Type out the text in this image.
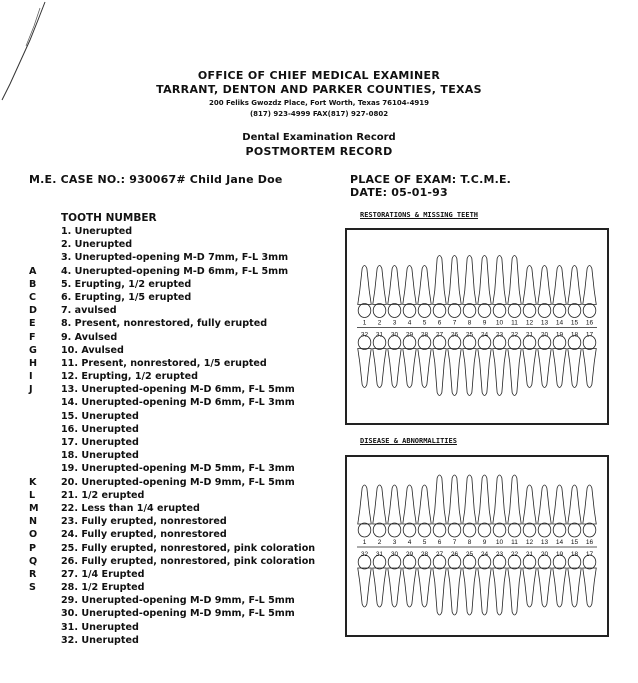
OFFICE OF CHIEF MEDICAL EXAMINER
TARRANT, DENTON AND PARKER COUNTIES, TEXAS
200 Feliks Gwozdz Place, Fort Worth, Texas 76104-4919
(817) 923-4999 FAX(817) 927-0802
Dental Examination Record
POSTMORTEM RECORD
M.E. CASE NO.: 930067# Child Jane Doe	PLACE OF EXAM: T.C.M.E.
DATE: 05-01-93
TOOTH NUMBER
1. Unerupted
2. Unerupted
3. Unerupted-opening M-D 7mm, F-L 3mm
A	4. Unerupted-opening M-D 6mm, F-L 5mm
B	5. Erupting, 1/2 erupted
C	6. Erupting, 1/5 erupted
D	7. avulsed
E	8. Present, nonrestored, fully erupted
F	9. Avulsed
G	10. Avulsed
H 11. Present, nonrestored, 1/5 erupted
I	12. Erupting, 1/2 erupted
J	13. Unerupted-opening M-D 6mm, F-L 5mm
14. Unerupted-opening M-D 6mm, F-L 3mm
15. Unerupted
16. Unerupted
17. Unerupted
18. Unerupted
19. Unerupted-opening M-D 5mm, F-L 3mm
K	20. Unerupted-opening M-D 9mm, F-L 5mm
L	21. 1/2 erupted
M 22. Less than 1/4 erupted
N 23. Fully erupted, nonrestored
O 24. Fully erupted, nonrestored
P	25. Fully erupted, nonrestored, pink coloration
Q 26. Fully erupted, nonrestored, pink coloration
R	27. 1/4 Erupted
S	28. 1/2 Erupted
29. Unerupted-opening M-D 9mm, F-L 5mm
30. Unerupted-opening M-D 9mm, F-L 5mm
31. Unerupted
32. Unerupted
RESTORATIONS & MISSING TEETH
1 2 3 4 5 6 7 8 9 10 11 12 13 14 15 16
32 31 30 29 28 27 26 25 24 23 22 21 20 19 18 17
DISEASE & ABNORMALITIES
1 2 3 4 5 6 7 8 9 10 11 12 13 14 15 16
32 31 30 29 28 27 26 25 24 23 22 21 20 19 18 17
